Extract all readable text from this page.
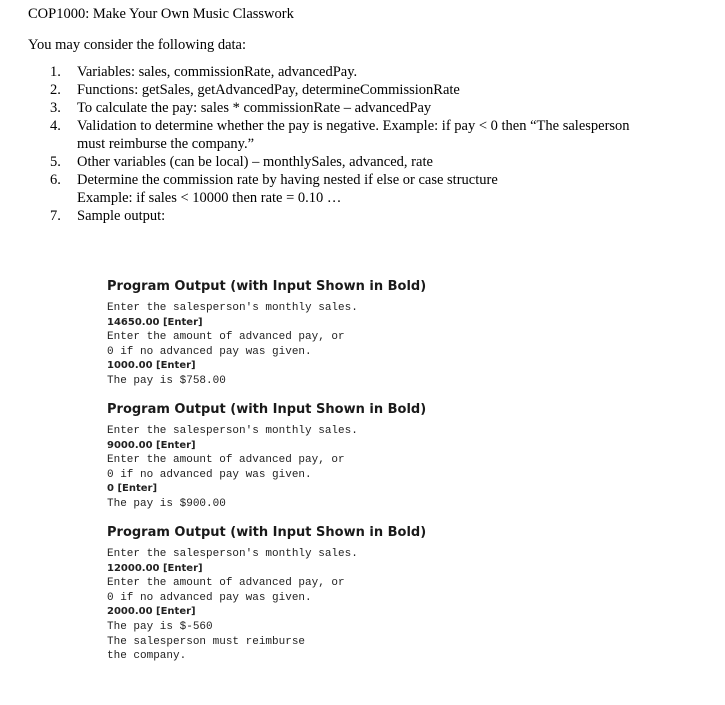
COP1000: Make Your Own Music Classwork
You may consider the following data:
1.	Variables: sales, commissionRate, advancedPay.
2.	Functions: getSales, getAdvancedPay, determineCommissionRate
3.	To calculate the pay: sales * commissionRate – advancedPay
4.	Validation to determine whether the pay is negative. Example: if pay < 0 then “The salesperson
must reimburse the company.”
5.	Other variables (can be local) – monthlySales, advanced, rate
6.	Determine the commission rate by having nested if else or case structure
Example: if sales < 10000 then rate = 0.10 …
7.	Sample output:
Program Output (with Input Shown in Bold)
Enter the salesperson's monthly sales.
14650.00 [Enter]
Enter the amount of advanced pay, or
0 if no advanced pay was given.
1000.00 [Enter]
The pay is $758.00
Program Output (with Input Shown in Bold)
Enter the salesperson's monthly sales.
9000.00 [Enter]
Enter the amount of advanced pay, or
0 if no advanced pay was given.
0 [Enter]
The pay is $900.00
Program Output (with Input Shown in Bold)
Enter the salesperson's monthly sales.
12000.00 [Enter]
Enter the amount of advanced pay, or
0 if no advanced pay was given.
2000.00 [Enter]
The pay is $-560
The salesperson must reimburse
the company.
